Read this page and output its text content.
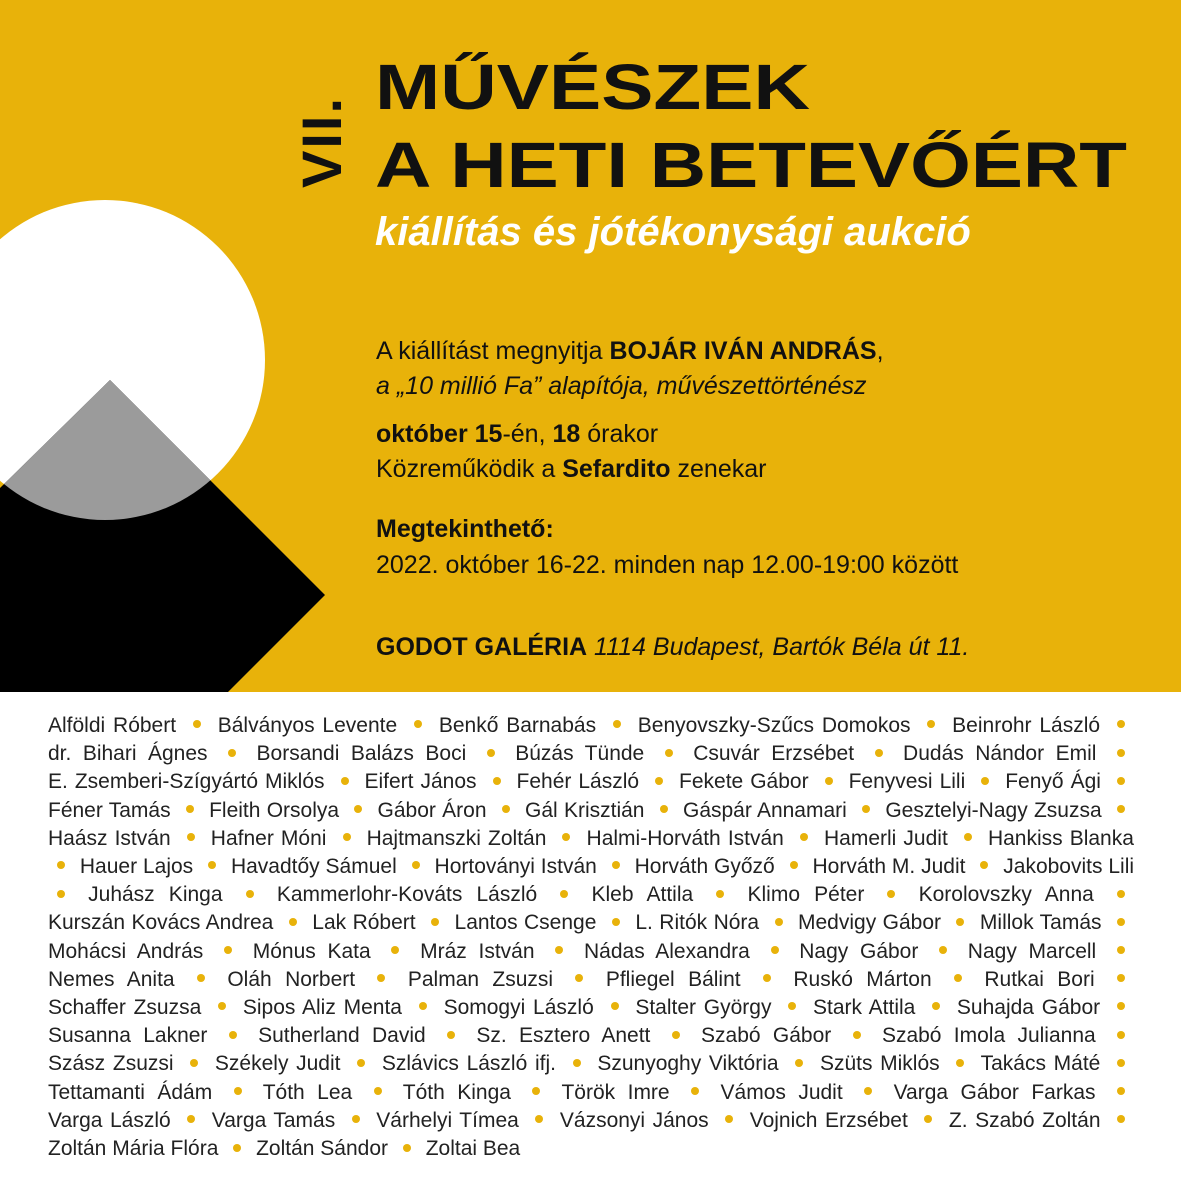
VII.
MŰVÉSZEK
A HETI BETEVŐÉRT
kiállítás és jótékonysági aukció
A kiállítást megnyitja BOJÁR IVÁN ANDRÁS,
a „10 millió Fa” alapítója, művészettörténész
október 15-én, 18 órakor
Közreműködik a Sefardito zenekar
Megtekinthető:
2022. október 16-22. minden nap 12.00-19:00 között
GODOT GALÉRIA 1114 Budapest, Bartók Béla út 11.
Alföldi Róbert Bálványos Levente Benkő Barnabás Benyovszky-Szűcs Domokos Beinrohr László  dr. Bihari Ágnes Borsandi Balázs Boci Búzás Tünde Csuvár Erzsébet Dudás Nándor Emil  E. Zsemberi-Szígyártó Miklós Eifert János Fehér László Fekete Gábor Fenyvesi Lili Fenyő Ági  Féner Tamás Fleith Orsolya Gábor Áron Gál Krisztián Gáspár Annamari Gesztelyi-Nagy Zsuzsa  Haász István Hafner Móni Hajtmanszki Zoltán Halmi-Horváth István Hamerli Judit Hankiss Blanka  Hauer Lajos Havadtőy Sámuel Hortoványi István Horváth Győző Horváth M. Judit Jakobovits Lili  Juhász Kinga	Kammerlohr-Kováts László	Kleb Attila	Klimo Péter	Korolovszky Anna  Kurszán Kovács Andrea Lak Róbert Lantos Csenge L. Ritók Nóra Medvigy Gábor Millok Tamás  Mohácsi András Mónus Kata Mráz István Nádas Alexandra Nagy Gábor Nagy Marcell  Nemes Anita	Oláh Norbert	Palman Zsuzsi	Pfliegel Bálint	Ruskó Márton	Rutkai Bori  Schaffer Zsuzsa Sipos Aliz Menta Somogyi László Stalter György Stark Attila Suhajda Gábor  Susanna Lakner Sutherland David Sz. Esztero Anett Szabó Gábor Szabó Imola Julianna  Szász Zsuzsi Székely Judit Szlávics László ifj. Szunyoghy Viktória Szüts Miklós Takács Máté  Tettamanti Ádám Tóth Lea Tóth Kinga Török Imre Vámos Judit Varga Gábor Farkas  Varga László Varga Tamás Várhelyi Tímea Vázsonyi János Vojnich Erzsébet Z. Szabó Zoltán  Zoltán Mária Flóra Zoltán Sándor Zoltai Bea
